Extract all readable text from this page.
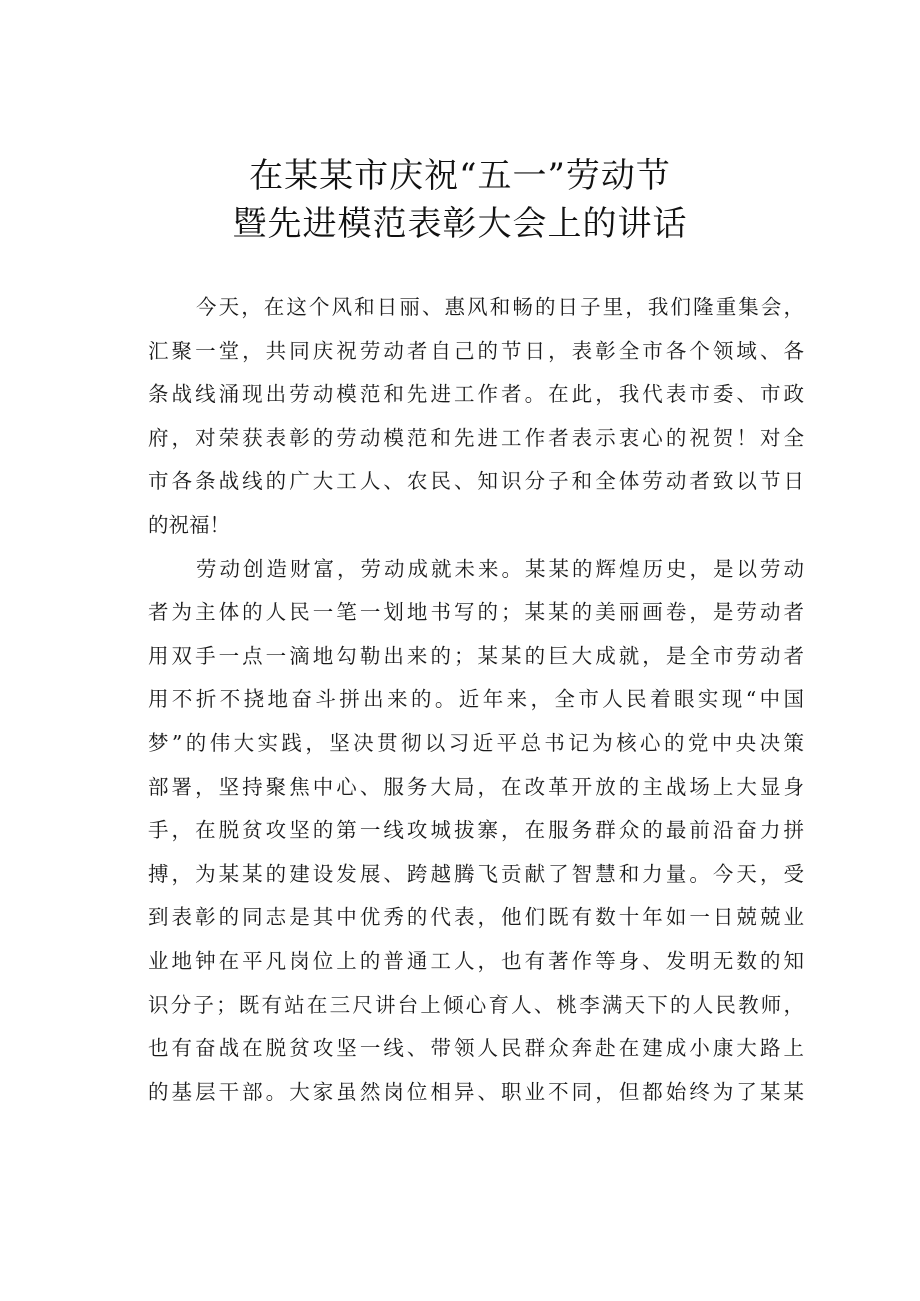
在某某市庆祝“五一”劳动节
暨先进模范表彰大会上的讲话
今天，在这个风和日丽、惠风和畅的日子里，我们隆重集会，
汇聚一堂，共同庆祝劳动者自己的节日，表彰全市各个领域、各
条战线涌现出劳动模范和先进工作者。在此，我代表市委、市政
府，对荣获表彰的劳动模范和先进工作者表示衷心的祝贺！对全
市各条战线的广大工人、农民、知识分子和全体劳动者致以节日
的祝福！
劳动创造财富，劳动成就未来。某某的辉煌历史，是以劳动
者为主体的人民一笔一划地书写的；某某的美丽画卷，是劳动者
用双手一点一滴地勾勒出来的；某某的巨大成就，是全市劳动者
用不折不挠地奋斗拼出来的。近年来，全市人民着眼实现“中国
梦”的伟大实践，坚决贯彻以习近平总书记为核心的党中央决策
部署，坚持聚焦中心、服务大局，在改革开放的主战场上大显身
手，在脱贫攻坚的第一线攻城拔寨，在服务群众的最前沿奋力拼
搏，为某某的建设发展、跨越腾飞贡献了智慧和力量。今天，受
到表彰的同志是其中优秀的代表，他们既有数十年如一日兢兢业
业地钟在平凡岗位上的普通工人，也有著作等身、发明无数的知
识分子；既有站在三尺讲台上倾心育人、桃李满天下的人民教师，
也有奋战在脱贫攻坚一线、带领人民群众奔赴在建成小康大路上
的基层干部。大家虽然岗位相异、职业不同，但都始终为了某某
